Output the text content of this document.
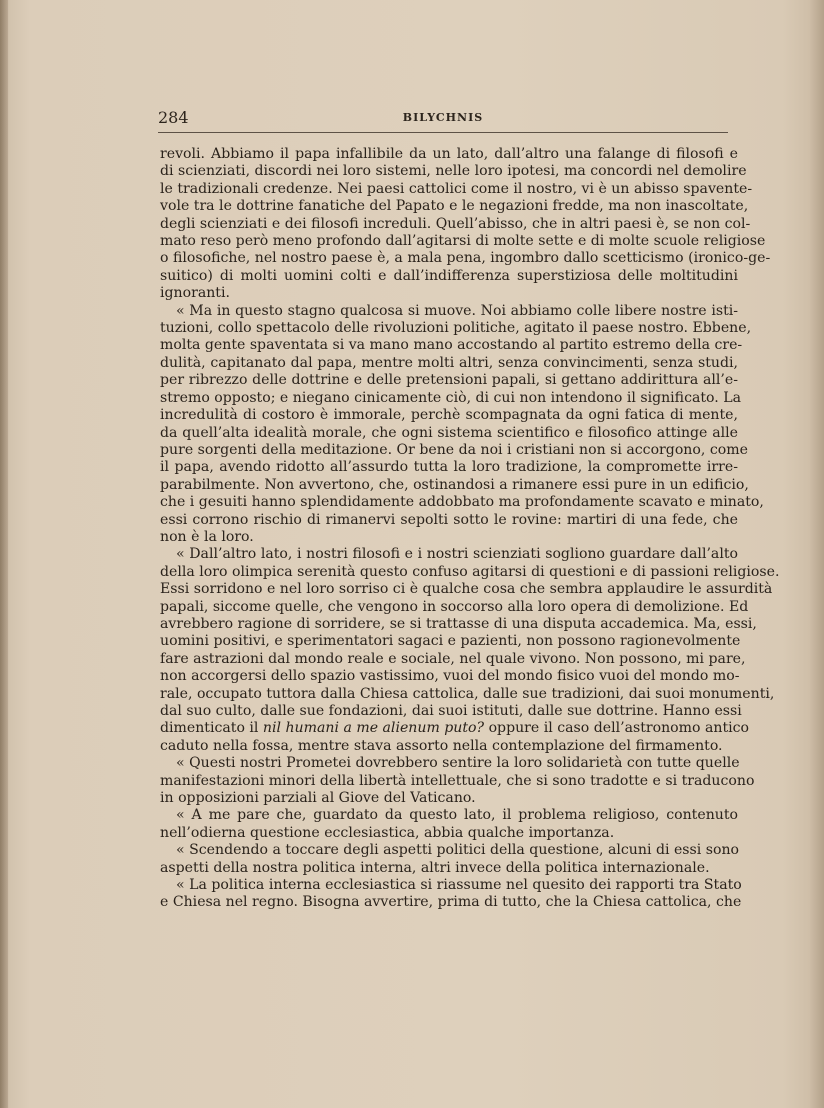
284	BILYCHNIS
revoli. Abbiamo il papa infallibile da un lato, dall’altro una falange di filosofi e
di scienziati, discordi nei loro sistemi, nelle loro ipotesi, ma concordi nel demolire
le tradizionali credenze. Nei paesi cattolici come il nostro, vi è un abisso spavente-
vole tra le dottrine fanatiche del Papato e le negazioni fredde, ma non inascoltate,
degli scienziati e dei filosofi increduli. Quell’abisso, che in altri paesi è, se non col-
mato reso però meno profondo dall’agitarsi di molte sette e di molte scuole religiose
o filosofiche, nel nostro paese è, a mala pena, ingombro dallo scetticismo (ironico-ge-
suitico) di molti uomini colti e dall’indifferenza superstiziosa delle moltitudini
ignoranti.
« Ma in questo stagno qualcosa si muove. Noi abbiamo colle libere nostre isti-
tuzioni, collo spettacolo delle rivoluzioni politiche, agitato il paese nostro. Ebbene,
molta gente spaventata si va mano mano accostando al partito estremo della cre-
dulità, capitanato dal papa, mentre molti altri, senza convincimenti, senza studi,
per ribrezzo delle dottrine e delle pretensioni papali, si gettano addirittura all’e-
stremo opposto; e niegano cinicamente ciò, di cui non intendono il significato. La
incredulità di costoro è immorale, perchè scompagnata da ogni fatica di mente,
da quell’alta idealità morale, che ogni sistema scientifico e filosofico attinge alle
pure sorgenti della meditazione. Or bene da noi i cristiani non si accorgono, come
il papa, avendo ridotto all’assurdo tutta la loro tradizione, la compromette irre-
parabilmente. Non avvertono, che, ostinandosi a rimanere essi pure in un edificio,
che i gesuiti hanno splendidamente addobbato ma profondamente scavato e minato,
essi corrono rischio di rimanervi sepolti sotto le rovine: martiri di una fede, che
non è la loro.
« Dall’altro lato, i nostri filosofi e i nostri scienziati sogliono guardare dall’alto
della loro olimpica serenità questo confuso agitarsi di questioni e di passioni religiose.
Essi sorridono e nel loro sorriso ci è qualche cosa che sembra applaudire le assurdità
papali, siccome quelle, che vengono in soccorso alla loro opera di demolizione. Ed
avrebbero ragione di sorridere, se si trattasse di una disputa accademica. Ma, essi,
uomini positivi, e sperimentatori sagaci e pazienti, non possono ragionevolmente
fare astrazioni dal mondo reale e sociale, nel quale vivono. Non possono, mi pare,
non accorgersi dello spazio vastissimo, vuoi del mondo fisico vuoi del mondo mo-
rale, occupato tuttora dalla Chiesa cattolica, dalle sue tradizioni, dai suoi monumenti,
dal suo culto, dalle sue fondazioni, dai suoi istituti, dalle sue dottrine. Hanno essi
dimenticato il nil humani a me alienum puto? oppure il caso dell’astronomo antico
caduto nella fossa, mentre stava assorto nella contemplazione del firmamento.
« Questi nostri Prometei dovrebbero sentire la loro solidarietà con tutte quelle
manifestazioni minori della libertà intellettuale, che si sono tradotte e si traducono
in opposizioni parziali al Giove del Vaticano.
« A me pare che, guardato da questo lato, il problema religioso, contenuto
nell’odierna questione ecclesiastica, abbia qualche importanza.
« Scendendo a toccare degli aspetti politici della questione, alcuni di essi sono
aspetti della nostra politica interna, altri invece della politica internazionale.
« La politica interna ecclesiastica si riassume nel quesito dei rapporti tra Stato
e Chiesa nel regno. Bisogna avvertire, prima di tutto, che la Chiesa cattolica, che
